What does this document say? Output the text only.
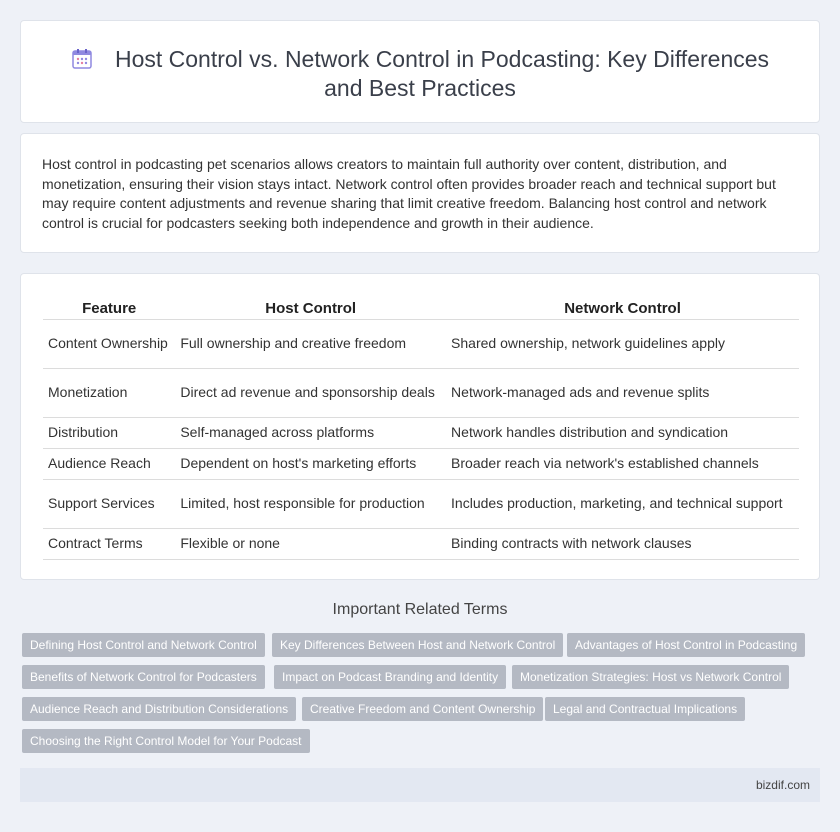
Host Control vs. Network Control in Podcasting: Key Differences
and Best Practices

Host control in podcasting pet scenarios allows creators to maintain full authority over content, distribution, and monetization, ensuring their vision stays intact. Network control often provides broader reach and technical support but may require content adjustments and revenue sharing that limit creative freedom. Balancing host control and network control is crucial for podcasters seeking both independence and growth in their audience.

Feature	Host Control	Network Control
Content Ownership	Full ownership and creative freedom	Shared ownership, network guidelines apply
Monetization	Direct ad revenue and sponsorship deals	Network-managed ads and revenue splits
Distribution	Self-managed across platforms	Network handles distribution and syndication
Audience Reach	Dependent on host's marketing efforts	Broader reach via network's established channels
Support Services	Limited, host responsible for production	Includes production, marketing, and technical support
Contract Terms	Flexible or none	Binding contracts with network clauses
Important Related Terms
Defining Host Control and Network Control	Key Differences Between Host and Network Control	Advantages of Host Control in Podcasting
Benefits of Network Control for Podcasters	Impact on Podcast Branding and Identity	Monetization Strategies: Host vs Network Control
Audience Reach and Distribution Considerations	Creative Freedom and Content Ownership	Legal and Contractual Implications
Choosing the Right Control Model for Your Podcast
bizdif.com
